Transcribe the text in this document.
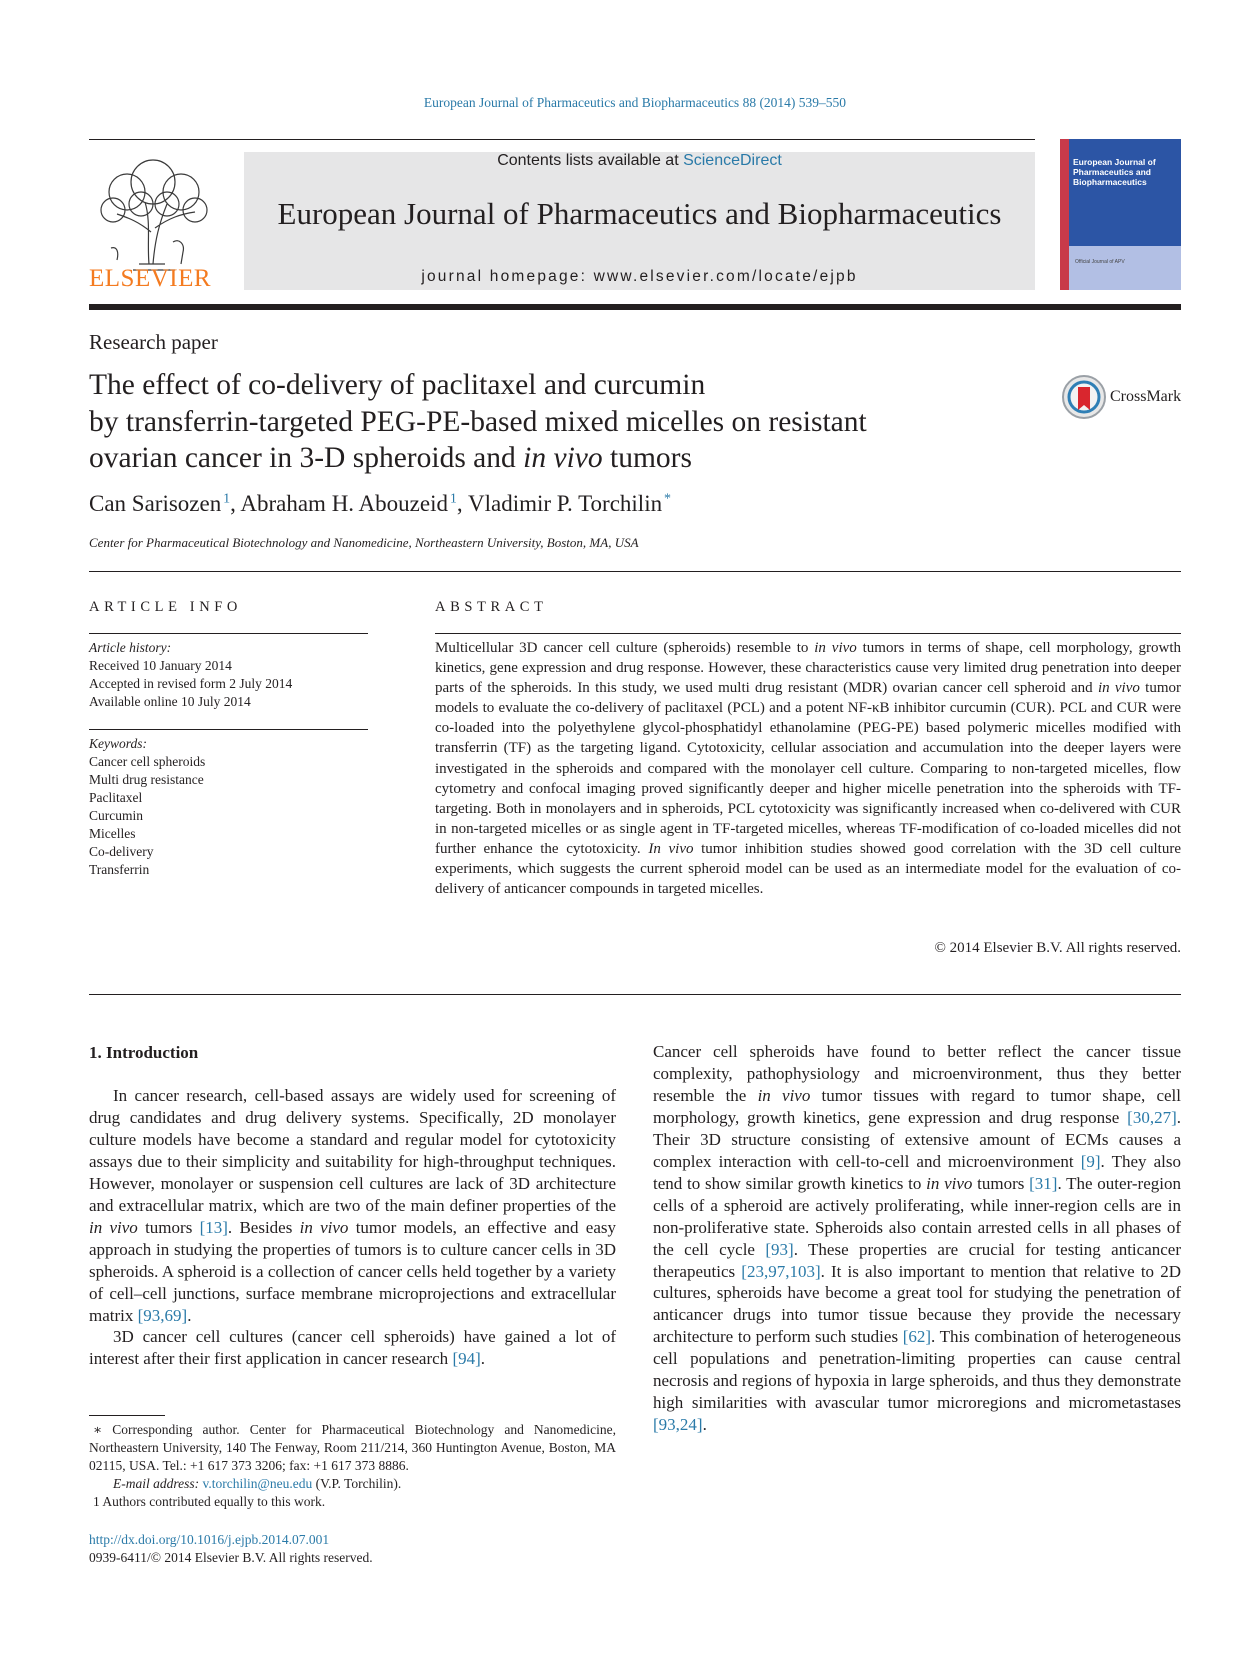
European Journal of Pharmaceutics and Biopharmaceutics 88 (2014) 539–550
ELSEVIER
Contents lists available at ScienceDirect
European Journal of Pharmaceutics and Biopharmaceutics
journal homepage: www.elsevier.com/locate/ejpb
European Journal of Pharmaceutics and Biopharmaceutics
Official Journal of APV
Research paper
The effect of co-delivery of paclitaxel and curcumin
by transferrin-targeted PEG-PE-based mixed micelles on resistant
ovarian cancer in 3-D spheroids and in vivo tumors
CrossMark
Can Sarisozen  $^1$, Abraham H. Abouzeid  $^1$, Vladimir P. Torchilin  *
Center for Pharmaceutical Biotechnology and Nanomedicine, Northeastern University, Boston, MA, USA
ARTICLE INFO
Article history:
Received 10 January 2014
Accepted in revised form 2 July 2014
Available online 10 July 2014
Keywords:
Cancer cell spheroids
Multi drug resistance
Paclitaxel
Curcumin
Micelles
Co-delivery
Transferrin
ABSTRACT
Multicellular 3D cancer cell culture (spheroids) resemble to in vivo tumors in terms of shape, cell morphology, growth kinetics, gene expression and drug response. However, these characteristics cause very limited drug penetration into deeper parts of the spheroids. In this study, we used multi drug resistant (MDR) ovarian cancer cell spheroid and in vivo tumor models to evaluate the co-delivery of paclitaxel (PCL) and a potent NF-κB inhibitor curcumin (CUR). PCL and CUR were co-loaded into the polyethylene glycol-phosphatidyl ethanolamine (PEG-PE) based polymeric micelles modified with transferrin (TF) as the targeting ligand. Cytotoxicity, cellular association and accumulation into the deeper layers were investigated in the spheroids and compared with the monolayer cell culture. Comparing to non-targeted micelles, flow cytometry and confocal imaging proved significantly deeper and higher micelle penetration into the spheroids with TF-targeting. Both in monolayers and in spheroids, PCL cytotoxicity was significantly increased when co-delivered with CUR in non-targeted micelles or as single agent in TF-targeted micelles, whereas TF-modification of co-loaded micelles did not further enhance the cytotoxicity. In vivo tumor inhibition studies showed good correlation with the 3D cell culture experiments, which suggests the current spheroid model can be used as an intermediate model for the evaluation of co-delivery of anticancer compounds in targeted micelles.
© 2014 Elsevier B.V. All rights reserved.
1. Introduction

In cancer research, cell-based assays are widely used for screening of drug candidates and drug delivery systems. Specifically, 2D monolayer culture models have become a standard and regular model for cytotoxicity assays due to their simplicity and suitability for high-throughput techniques. However, monolayer or suspension cell cultures are lack of 3D architecture and extracellular matrix, which are two of the main definer properties of the in vivo tumors [13]. Besides in vivo tumor models, an effective and easy approach in studying the properties of tumors is to culture cancer cells in 3D spheroids. A spheroid is a collection of cancer cells held together by a variety of cell–cell junctions, surface membrane microprojections and extracellular matrix [93,69].

3D cancer cell cultures (cancer cell spheroids) have gained a lot of interest after their first application in cancer research [94].

Cancer cell spheroids have found to better reflect the cancer tissue complexity, pathophysiology and microenvironment, thus they better resemble the in vivo tumor tissues with regard to tumor shape, cell morphology, growth kinetics, gene expression and drug response [30,27]. Their 3D structure consisting of extensive amount of ECMs causes a complex interaction with cell-to-cell and microenvironment [9]. They also tend to show similar growth kinetics to in vivo tumors [31]. The outer-region cells of a spheroid are actively proliferating, while inner-region cells are in non-proliferative state. Spheroids also contain arrested cells in all phases of the cell cycle [93]. These properties are crucial for testing anticancer therapeutics [23,97,103]. It is also important to mention that relative to 2D cultures, spheroids have become a great tool for studying the penetration of anticancer drugs into tumor tissue because they provide the necessary architecture to perform such studies [62]. This combination of heterogeneous cell populations and penetration-limiting properties can cause central necrosis and regions of hypoxia in large spheroids, and thus they demonstrate high similarities with avascular tumor microregions and micrometastases [93,24].

∗ Corresponding author. Center for Pharmaceutical Biotechnology and Nanomedicine, Northeastern University, 140 The Fenway, Room 211/214, 360 Huntington Avenue, Boston, MA 02115, USA. Tel.: +1 617 373 3206; fax: +1 617 373 8886.

E-mail address: v.torchilin@neu.edu (V.P. Torchilin).

1 Authors contributed equally to this work.

http://dx.doi.org/10.1016/j.ejpb.2014.07.001
0939-6411/© 2014 Elsevier B.V. All rights reserved.
